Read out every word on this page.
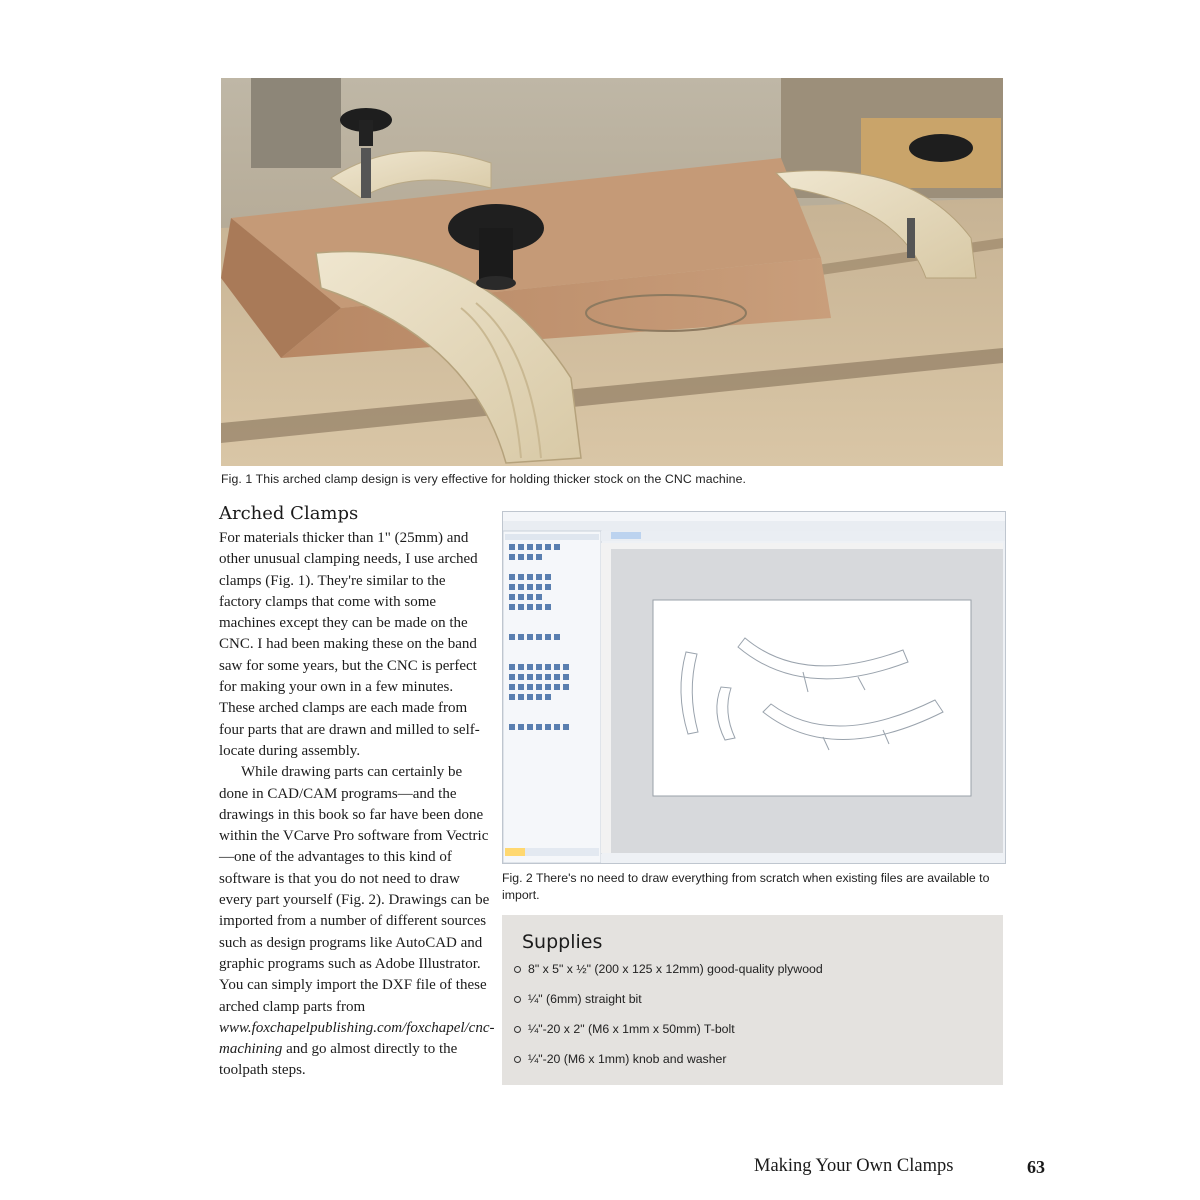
Fig. 1 This arched clamp design is very effective for holding thicker stock on the CNC machine.
Arched Clamps

For materials thicker than 1" (25mm) and other unusual clamping needs, I use arched clamps (Fig. 1). They're similar to the factory clamps that come with some machines except they can be made on the CNC. I had been making these on the band saw for some years, but the CNC is perfect for making your own in a few minutes. These arched clamps are each made from four parts that are drawn and milled to self-locate during assembly.

While drawing parts can certainly be done in CAD/CAM programs—and the drawings in this book so far have been done within the VCarve Pro software from Vectric—one of the advantages to this kind of software is that you do not need to draw every part yourself (Fig. 2). Drawings can be imported from a number of different sources such as design programs like AutoCAD and graphic programs such as Adobe Illustrator. You can simply import the DXF file of these arched clamp parts from www.foxchapelpublishing.com/foxchapel/cnc-machining and go almost directly to the toolpath steps.

Fig. 2 There's no need to draw everything from scratch when existing files are available to import.
Supplies
8" x 5" x ½" (200 x 125 x 12mm) good-quality plywood
¼" (6mm) straight bit
¼"-20 x 2" (M6 x 1mm x 50mm) T-bolt
¼"-20 (M6 x 1mm) knob and washer
Making Your Own Clamps	63
